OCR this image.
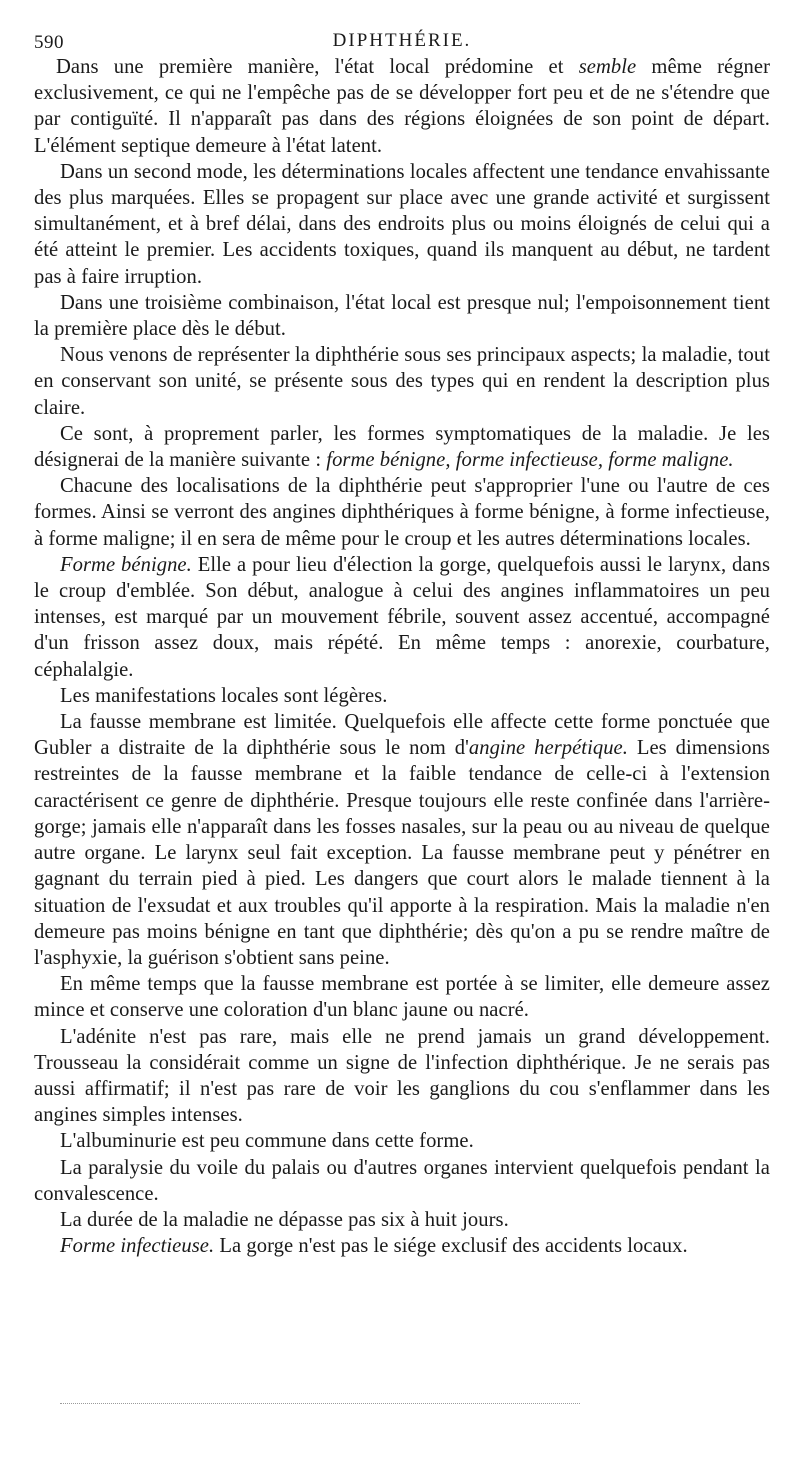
590	DIPHTHÉRIE.

Dans une première manière, l'état local prédomine et semble même régner exclusivement, ce qui ne l'empêche pas de se développer fort peu et de ne s'étendre que par contiguïté. Il n'apparaît pas dans des régions éloignées de son point de départ. L'élément septique demeure à l'état latent.

Dans un second mode, les déterminations locales affectent une tendance envahissante des plus marquées. Elles se propagent sur place avec une grande activité et surgissent simultanément, et à bref délai, dans des endroits plus ou moins éloignés de celui qui a été atteint le premier. Les accidents toxiques, quand ils manquent au début, ne tardent pas à faire irruption.

Dans une troisième combinaison, l'état local est presque nul; l'empoisonnement tient la première place dès le début.

Nous venons de représenter la diphthérie sous ses principaux aspects; la maladie, tout en conservant son unité, se présente sous des types qui en rendent la description plus claire.

Ce sont, à proprement parler, les formes symptomatiques de la maladie. Je les désignerai de la manière suivante : forme bénigne, forme infectieuse, forme maligne.

Chacune des localisations de la diphthérie peut s'approprier l'une ou l'autre de ces formes. Ainsi se verront des angines diphthériques à forme bénigne, à forme infectieuse, à forme maligne; il en sera de même pour le croup et les autres déterminations locales.

Forme bénigne. Elle a pour lieu d'élection la gorge, quelquefois aussi le larynx, dans le croup d'emblée. Son début, analogue à celui des angines inflammatoires un peu intenses, est marqué par un mouvement fébrile, souvent assez accentué, accompagné d'un frisson assez doux, mais répété. En même temps : anorexie, courbature, céphalalgie.

Les manifestations locales sont légères.

La fausse membrane est limitée. Quelquefois elle affecte cette forme ponctuée que Gubler a distraite de la diphthérie sous le nom d'angine herpétique. Les dimensions restreintes de la fausse membrane et la faible tendance de celle-ci à l'extension caractérisent ce genre de diphthérie. Presque toujours elle reste confinée dans l'arrière-gorge; jamais elle n'apparaît dans les fosses nasales, sur la peau ou au niveau de quelque autre organe. Le larynx seul fait exception. La fausse membrane peut y pénétrer en gagnant du terrain pied à pied. Les dangers que court alors le malade tiennent à la situation de l'exsudat et aux troubles qu'il apporte à la respiration. Mais la maladie n'en demeure pas moins bénigne en tant que diphthérie; dès qu'on a pu se rendre maître de l'asphyxie, la guérison s'obtient sans peine.

En même temps que la fausse membrane est portée à se limiter, elle demeure assez mince et conserve une coloration d'un blanc jaune ou nacré.

L'adénite n'est pas rare, mais elle ne prend jamais un grand développement. Trousseau la considérait comme un signe de l'infection diphthérique. Je ne serais pas aussi affirmatif; il n'est pas rare de voir les ganglions du cou s'enflammer dans les angines simples intenses.

L'albuminurie est peu commune dans cette forme.

La paralysie du voile du palais ou d'autres organes intervient quelquefois pendant la convalescence.

La durée de la maladie ne dépasse pas six à huit jours.

Forme infectieuse. La gorge n'est pas le siége exclusif des accidents locaux.
